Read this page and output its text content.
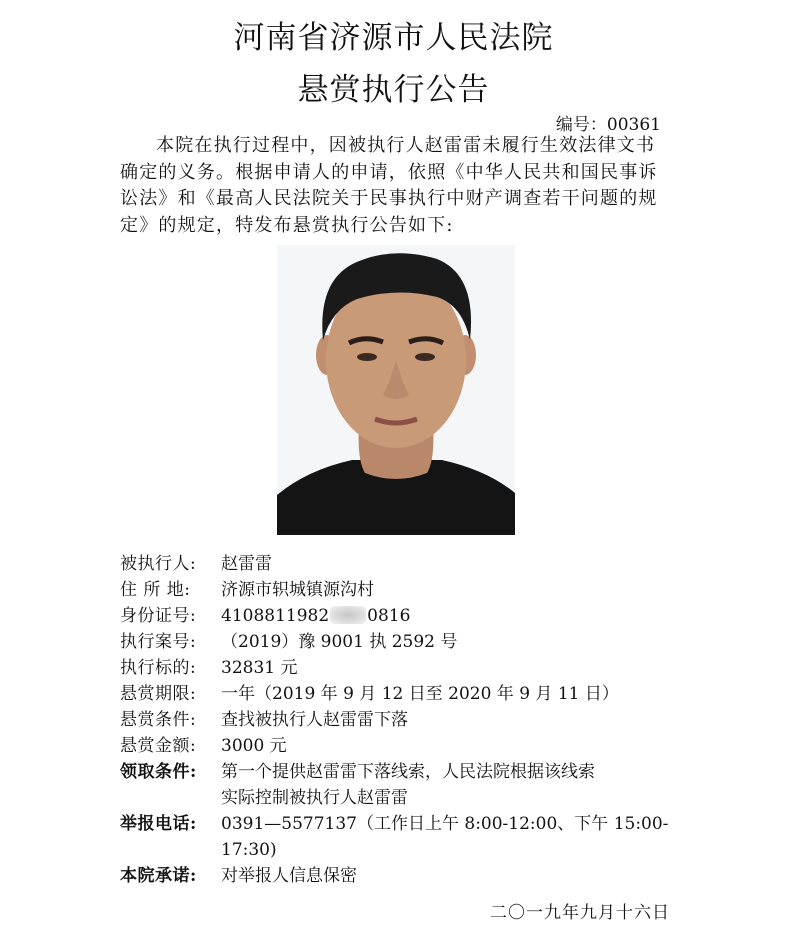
河南省济源市人民法院
悬赏执行公告
编号：00361
本院在执行过程中，因被执行人赵雷雷未履行生效法律文书确定的义务。根据申请人的申请，依照《中华人民共和国民事诉讼法》和《最高人民法院关于民事执行中财产调查若干问题的规定》的规定，特发布悬赏执行公告如下:
被执行人:	赵雷雷
住 所 地:	济源市轵城镇源沟村
身份证号:	4108811982 0816
执行案号:	（2019）豫 9001 执 2592 号
执行标的:	32831 元
悬赏期限:	一年（2019 年 9 月 12 日至 2020 年 9 月 11 日）
悬赏条件:	查找被执行人赵雷雷下落
悬赏金额:	3000 元
领取条件:	第一个提供赵雷雷下落线索，人民法院根据该线索
实际控制被执行人赵雷雷
举报电话:	0391—5577137（工作日上午 8:00-12:00、下午 15:00-
17:30)
本院承诺:	对举报人信息保密
二〇一九年九月十六日
